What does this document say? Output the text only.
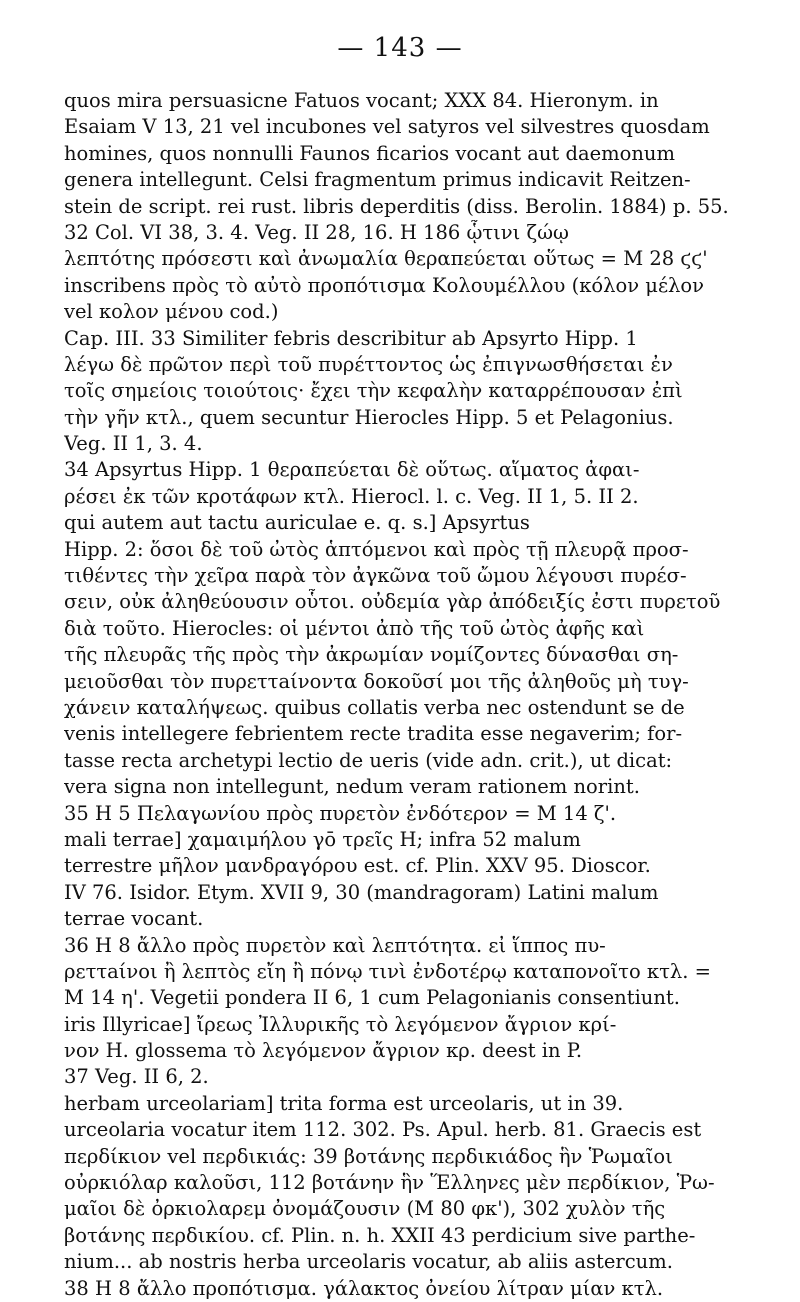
— 143 —
quos mira persuasicne Fatuos vocant; XXX 84. Hieronym. in
Esaiam V 13, 21 vel incubones vel satyros vel silvestres quosdam
homines, quos nonnulli Faunos ficarios vocant aut daemonum
genera intellegunt. Celsi fragmentum primus indicavit Reitzen-
stein de script. rei rust. libris deperditis (diss. Berolin. 1884) p. 55.
32 Col. VI 38, 3. 4. Veg. II 28, 16. H 186 ᾧτινι ζώῳ
λεπτότης πρόσεστι καὶ ἀνωμαλία θεραπεύεται οὕτως = M 28 ϛϛ'
inscribens πρὸς τὸ αὐτὸ προπότισμα Κολουμέλλου (κόλον μέλον
vel κολον μένου cod.)
Cap. III. 33 Similiter febris describitur ab Apsyrto Hipp. 1
λέγω δὲ πρῶτον περὶ τοῦ πυρέττοντος ὡς ἐπιγνωσθήσεται ἐν
τοῖς σημείοις τοιούτοις· ἔχει τὴν κεφαλὴν καταρρέπουσαν ἐπὶ
τὴν γῆν κτλ., quem secuntur Hierocles Hipp. 5 et Pelagonius.
Veg. II 1, 3. 4.
34 Apsyrtus Hipp. 1 θεραπεύεται δὲ οὕτως. αἵματος ἀφαι-
ρέσει ἐκ τῶν κροτάφων κτλ. Hierocl. l. c. Veg. II 1, 5. II 2.
qui autem aut tactu auriculae e. q. s.] Apsyrtus
Hipp. 2: ὅσοι δὲ τοῦ ὠτὸς ἁπτόμενοι καὶ πρὸς τῇ πλευρᾷ προσ-
τιθέντες τὴν χεῖρα παρὰ τὸν ἀγκῶνα τοῦ ὤμου λέγουσι πυρέσ-
σειν, οὐκ ἀληθεύουσιν οὗτοι. οὐδεμία γὰρ ἀπόδειξίς ἐστι πυρετοῦ
διὰ τοῦτο. Hierocles: οἱ μέντοι ἀπὸ τῆς τοῦ ὠτὸς ἀφῆς καὶ
τῆς πλευρᾶς τῆς πρὸς τὴν ἀκρωμίαν νομίζοντες δύνασθαι ση-
μειοῦσθαι τὸν πυρεττaίνοντα δοκοῦσί μοι τῆς ἀληθοῦς μὴ τυγ-
χάνειν καταλήψεως. quibus collatis verba nec ostendunt se de
venis intellegere febrientem recte tradita esse negaverim; for-
tasse recta archetypi lectio de ueris (vide adn. crit.), ut dicat:
vera signa non intellegunt, nedum veram rationem norint.
35 H 5 Πελαγωνίου πρὸς πυρετὸν ἐνδότερον = M 14 ζ'.
mali terrae] χαμαιμήλου γō τρεῖς H; infra 52 malum
terrestre μῆλον μανδραγόρου est. cf. Plin. XXV 95. Dioscor.
IV 76. Isidor. Etym. XVII 9, 30 (mandragoram) Latini malum
terrae vocant.
36 H 8 ἄλλο πρὸς πυρετὸν καὶ λεπτότητα. εἰ ἵππος πυ-
ρεττaίνοι ἢ λεπτὸς εἴη ἢ πόνῳ τινὶ ἐνδοτέρῳ καταπονοῖτο κτλ. =
M 14 η'. Vegetii pondera II 6, 1 cum Pelagonianis consentiunt.
iris Illyricae] ἴρεως Ἰλλυρικῆς τὸ λεγόμενον ἄγριον κρί-
νον H. glossema τὸ λεγόμενον ἄγριον κρ. deest in P.
37 Veg. II 6, 2.
herbam urceolariam] trita forma est urceolaris, ut in 39.
urceolaria vocatur item 112. 302. Ps. Apul. herb. 81. Graecis est
περδίκιον vel περδικιάς: 39 βοτάνης περδικιάδος ἣν Ῥωμαῖοι
οὐρκιόλαρ καλοῦσι, 112 βοτάνην ἣν Ἕλληνες μὲν περδίκιον, Ῥω-
μαῖοι δὲ ὀρκιολαρεμ ὀνομάζουσιν (M 80 φκ'), 302 χυλὸν τῆς
βοτάνης περδικίου. cf. Plin. n. h. XXII 43 perdicium sive parthe-
nium... ab nostris herba urceolaris vocatur, ab aliis astercum.
38 H 8 ἄλλο προπότισμα. γάλακτος ὀνείου λίτραν μίαν κτλ.
